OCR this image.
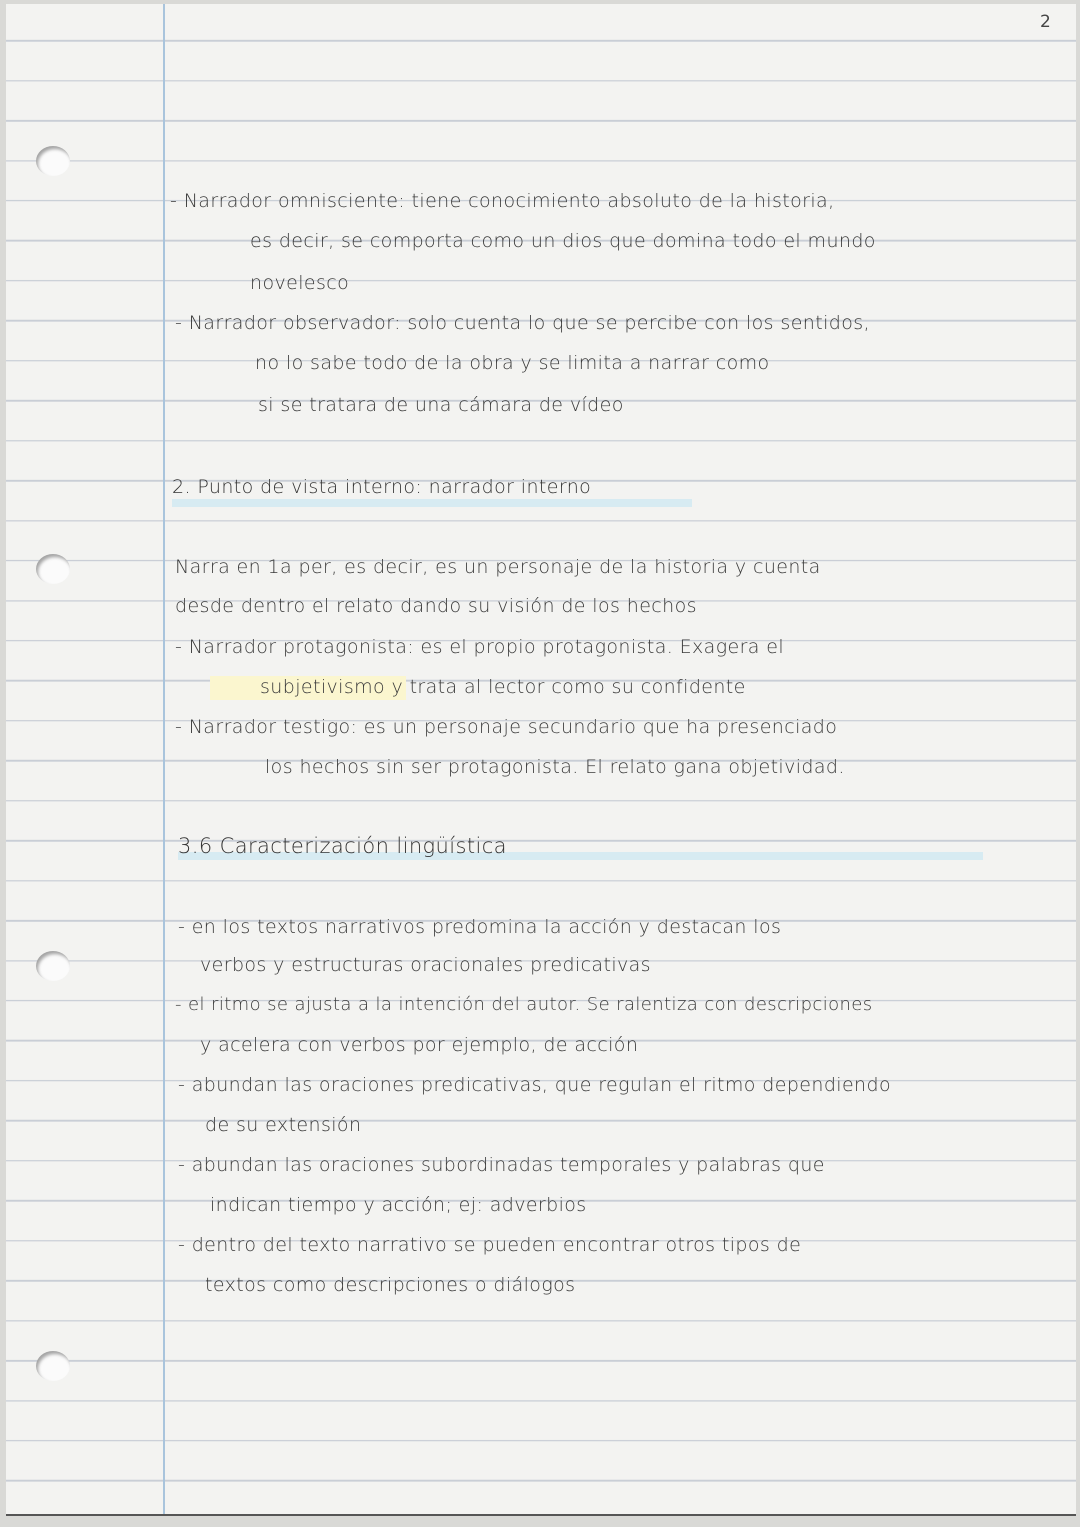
2
- Narrador omnisciente: tiene conocimiento absoluto de la historia,
es decir, se comporta como un dios que domina todo el mundo
novelesco
- Narrador observador: solo cuenta lo que se percibe con los sentidos,
no lo sabe todo de la obra y se limita a narrar como
si se tratara de una cámara de vídeo
2. Punto de vista interno: narrador interno
Narra en 1a per, es decir, es un personaje de la historia y cuenta
desde dentro el relato dando su visión de los hechos
- Narrador protagonista: es el propio protagonista. Exagera el
subjetivismo y trata al lector como su confidente
- Narrador testigo: es un personaje secundario que ha presenciado
los hechos sin ser protagonista. El relato gana objetividad.
3.6 Caracterización lingüística
- en los textos narrativos predomina la acción y destacan los
verbos y estructuras oracionales predicativas
- el ritmo se ajusta a la intención del autor. Se ralentiza con descripciones
y acelera con verbos por ejemplo, de acción
- abundan las oraciones predicativas, que regulan el ritmo dependiendo
de su extensión
- abundan las oraciones subordinadas temporales y palabras que
indican tiempo y acción; ej: adverbios
- dentro del texto narrativo se pueden encontrar otros tipos de
textos como descripciones o diálogos
